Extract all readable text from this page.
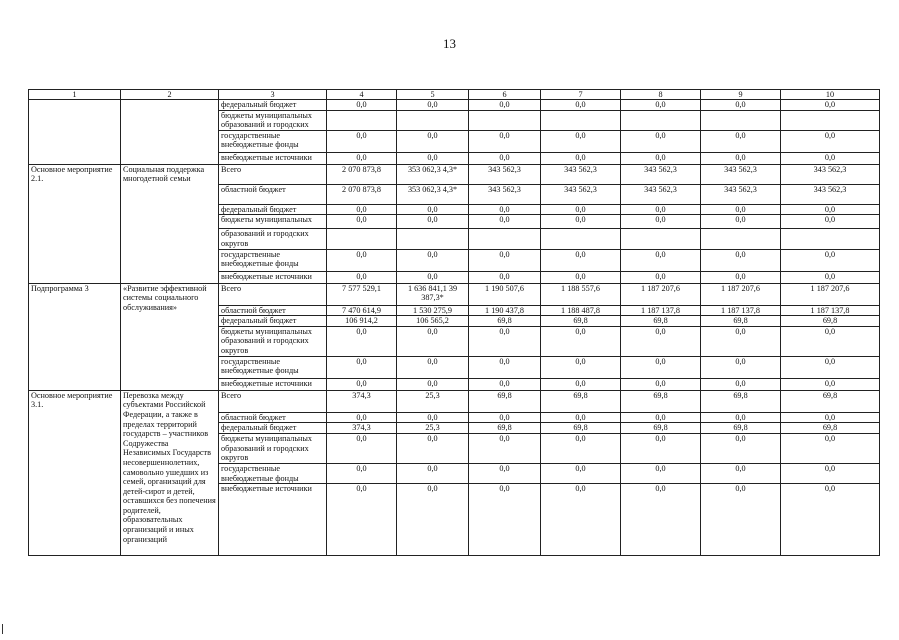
13
1	2	3	4	5	6	7	8	9	10
		федеральный бюджет	0,0	0,0	0,0	0,0	0,0	0,0	0,0
		бюджеты муниципальных образований и городских							
		государственные внебюджетные фонды	0,0	0,0	0,0	0,0	0,0	0,0	0,0
		внебюджетные источники	0,0	0,0	0,0	0,0	0,0	0,0	0,0
Основное мероприятие 2.1.	Социальная поддержка многодетной семьи	Всего	2 070 873,8	353 062,3 4,3*	343 562,3	343 562,3	343 562,3	343 562,3	343 562,3
		областной бюджет	2 070 873,8	353 062,3 4,3*	343 562,3	343 562,3	343 562,3	343 562,3	343 562,3
		федеральный бюджет	0,0	0,0	0,0	0,0	0,0	0,0	0,0
		бюджеты муниципальных	0,0	0,0	0,0	0,0	0,0	0,0	0,0
		образований и городских округов							
		государственные внебюджетные фонды	0,0	0,0	0,0	0,0	0,0	0,0	0,0
		внебюджетные источники	0,0	0,0	0,0	0,0	0,0	0,0	0,0
Подпрограмма 3	«Развитие эффективной системы социального обслуживания»	Всего	7 577 529,1	1 636 841,1 39 387,3*	1 190 507,6	1 188 557,6	1 187 207,6	1 187 207,6	1 187 207,6
		областной бюджет	7 470 614,9	1 530 275,9	1 190 437,8	1 188 487,8	1 187 137,8	1 187 137,8	1 187 137,8
		федеральный бюджет	106 914,2	106 565,2	69,8	69,8	69,8	69,8	69,8
		бюджеты муниципальных образований и городских округов	0,0	0,0	0,0	0,0	0,0	0,0	0,0
		государственные внебюджетные фонды	0,0	0,0	0,0	0,0	0,0	0,0	0,0
		внебюджетные источники	0,0	0,0	0,0	0,0	0,0	0,0	0,0
Основное мероприятие 3.1.	Перевозка между субъектами Российской Федерации, а также в пределах территорий государств – участников Содружества Независимых Государств несовершеннолетних, самовольно ушедших из семей, организаций для детей-сирот и детей, оставшихся без попечения родителей, образовательных организаций и иных организаций	Всего	374,3	25,3	69,8	69,8	69,8	69,8	69,8
		областной бюджет	0,0	0,0	0,0	0,0	0,0	0,0	0,0
		федеральный бюджет	374,3	25,3	69,8	69,8	69,8	69,8	69,8
		бюджеты муниципальных образований и городских округов	0,0	0,0	0,0	0,0	0,0	0,0	0,0
		государственные внебюджетные фонды	0,0	0,0	0,0	0,0	0,0	0,0	0,0
		внебюджетные источники	0,0	0,0	0,0	0,0	0,0	0,0	0,0
